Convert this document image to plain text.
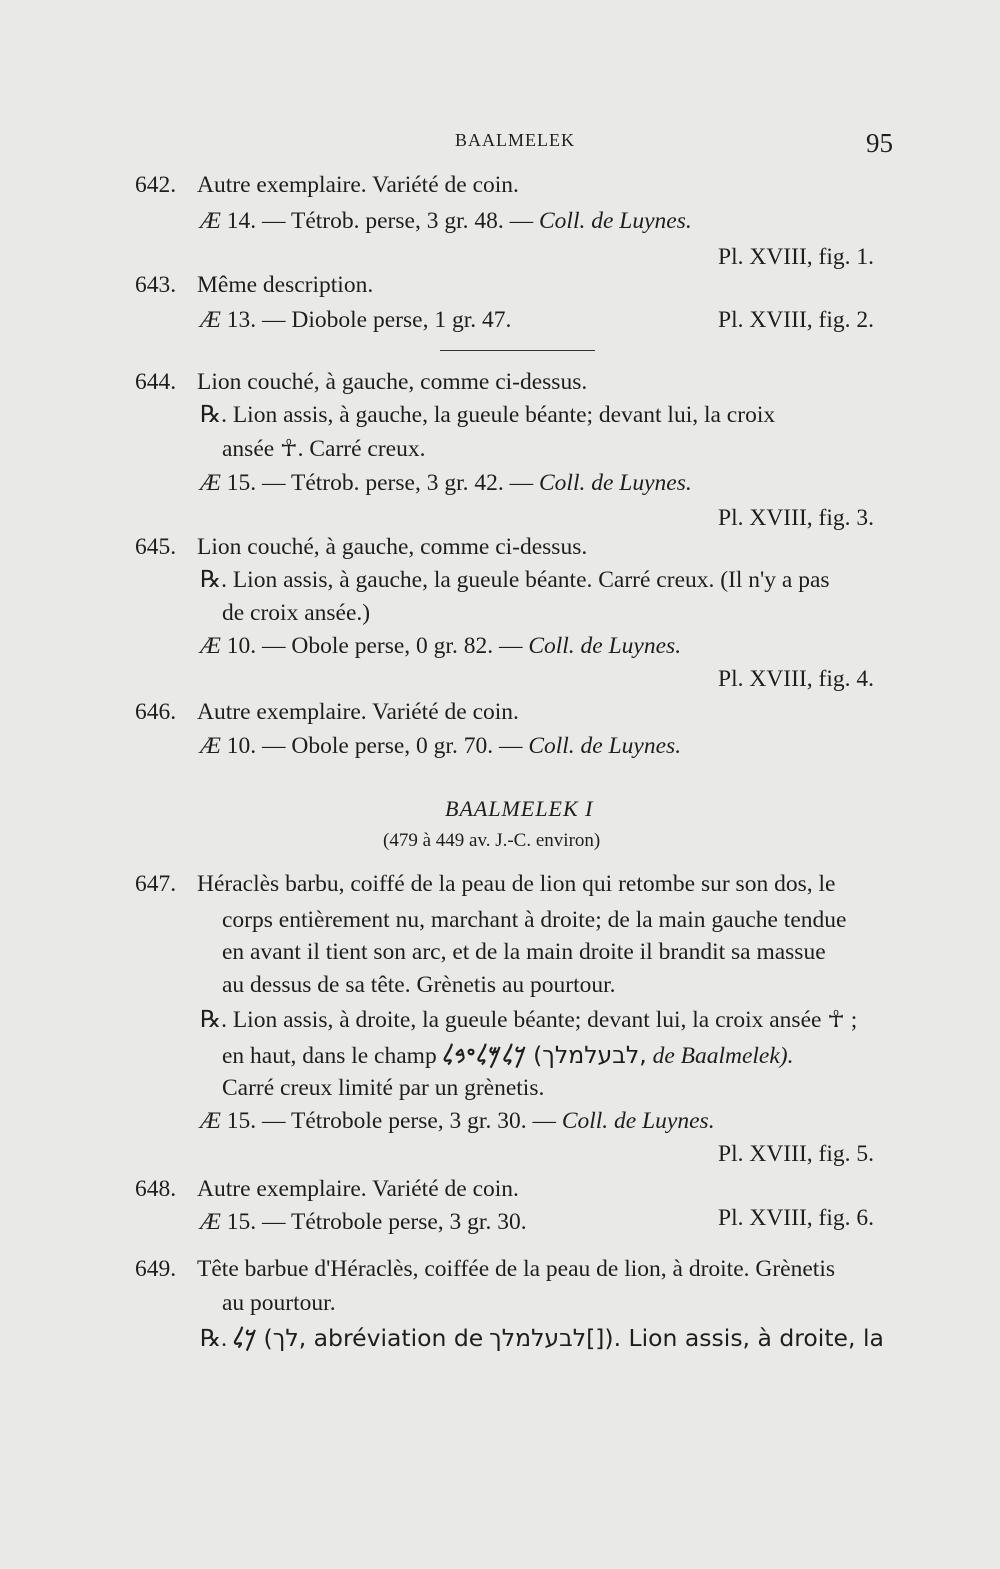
BAALMELEK	95
642. Autre exemplaire. Variété de coin.
Æ 14. — Tétrob. perse, 3 gr. 48. — Coll. de Luynes.
Pl. XVIII, fig. 1.
643. Même description.
Æ 13. — Diobole perse, 1 gr. 47.	Pl. XVIII, fig. 2.
644. Lion couché, à gauche, comme ci-dessus.
℞. Lion assis, à gauche, la gueule béante; devant lui, la croix
ansée ☥. Carré creux.
Æ 15. — Tétrob. perse, 3 gr. 42. — Coll. de Luynes.
Pl. XVIII, fig. 3.
645. Lion couché, à gauche, comme ci-dessus.
℞. Lion assis, à gauche, la gueule béante. Carré creux. (Il n'y a pas
de croix ansée.)
Æ 10. — Obole perse, 0 gr. 82. — Coll. de Luynes.
Pl. XVIII, fig. 4.
646. Autre exemplaire. Variété de coin.
Æ 10. — Obole perse, 0 gr. 70. — Coll. de Luynes.
BAALMELEK I
(479 à 449 av. J.-C. environ)
647. Héraclès barbu, coiffé de la peau de lion qui retombe sur son dos, le
corps entièrement nu, marchant à droite; de la main gauche tendue
en avant il tient son arc, et de la main droite il brandit sa massue
au dessus de sa tête. Grènetis au pourtour.
℞. Lion assis, à droite, la gueule béante; devant lui, la croix ansée ☥ ;
en haut, dans le champ 𐤊𐤋𐤌𐤋𐤏𐤁𐤋 (לבעלמלך, de Baalmelek).
Carré creux limité par un grènetis.
Æ 15. — Tétrobole perse, 3 gr. 30. — Coll. de Luynes.
Pl. XVIII, fig. 5.
648. Autre exemplaire. Variété de coin.
Æ 15. — Tétrobole perse, 3 gr. 30.	Pl. XVIII, fig. 6.
649. Tête barbue d'Héraclès, coiffée de la peau de lion, à droite. Grènetis
au pourtour.
℞. 𐤊𐤋 (לך, abréviation de לבעלמלך[]). Lion assis, à droite, la
